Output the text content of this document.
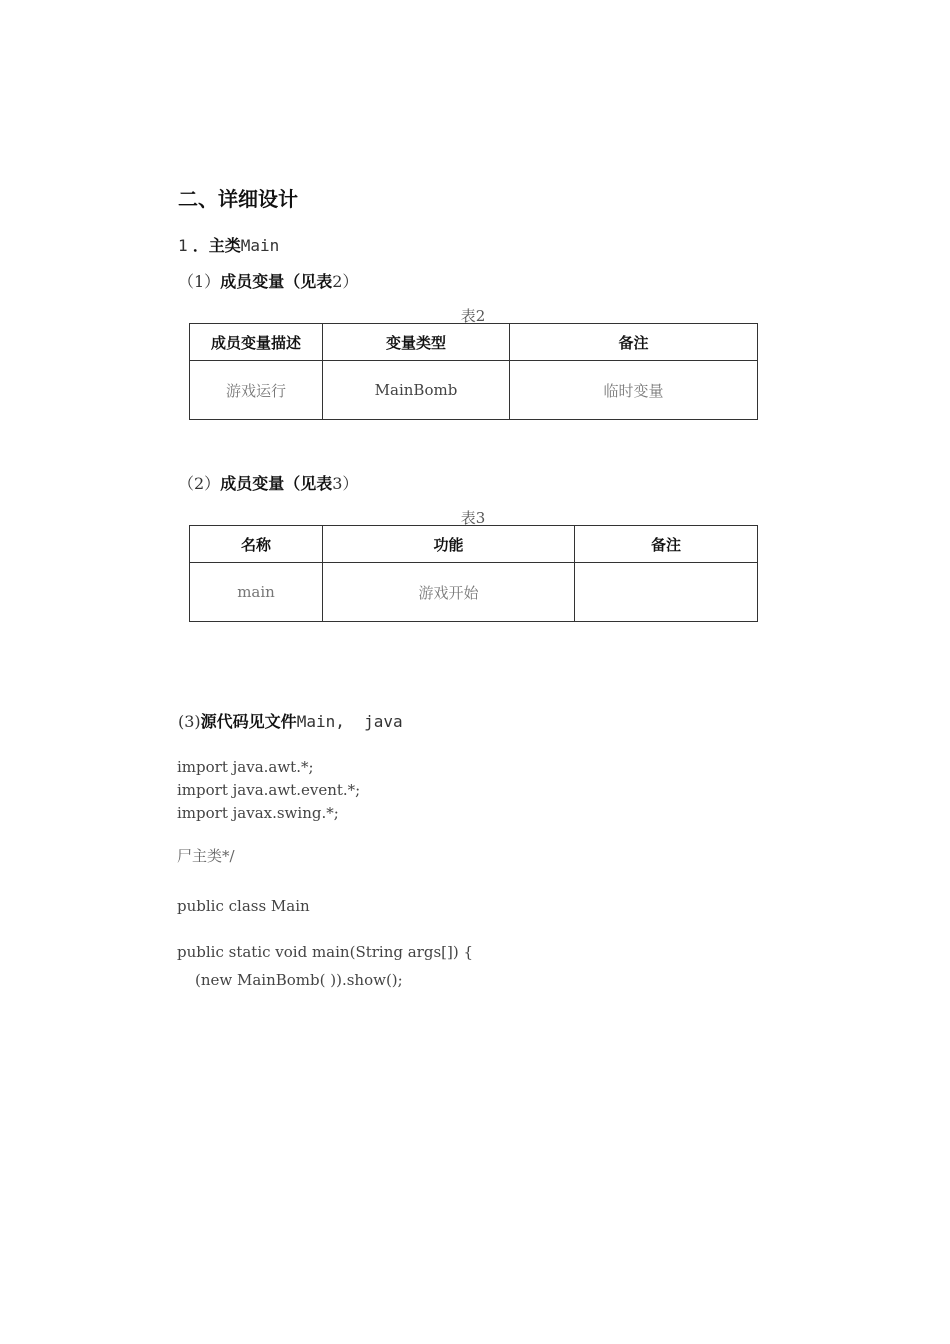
二、详细设计
1 ．主类Main
（1）成员变量（见表2）
表2
成员变量描述	变量类型	备注
游戏运行	MainBomb	临时变量
（2）成员变量（见表3）
表3
名称	功能	备注
main	游戏开始	
(3)源代码见文件Main,  java
import java.awt.*;
import java.awt.event.*;
import javax.swing.*;
尸主类*/
public class Main
public static void main(String args[]) {
(new MainBomb( )).show();
